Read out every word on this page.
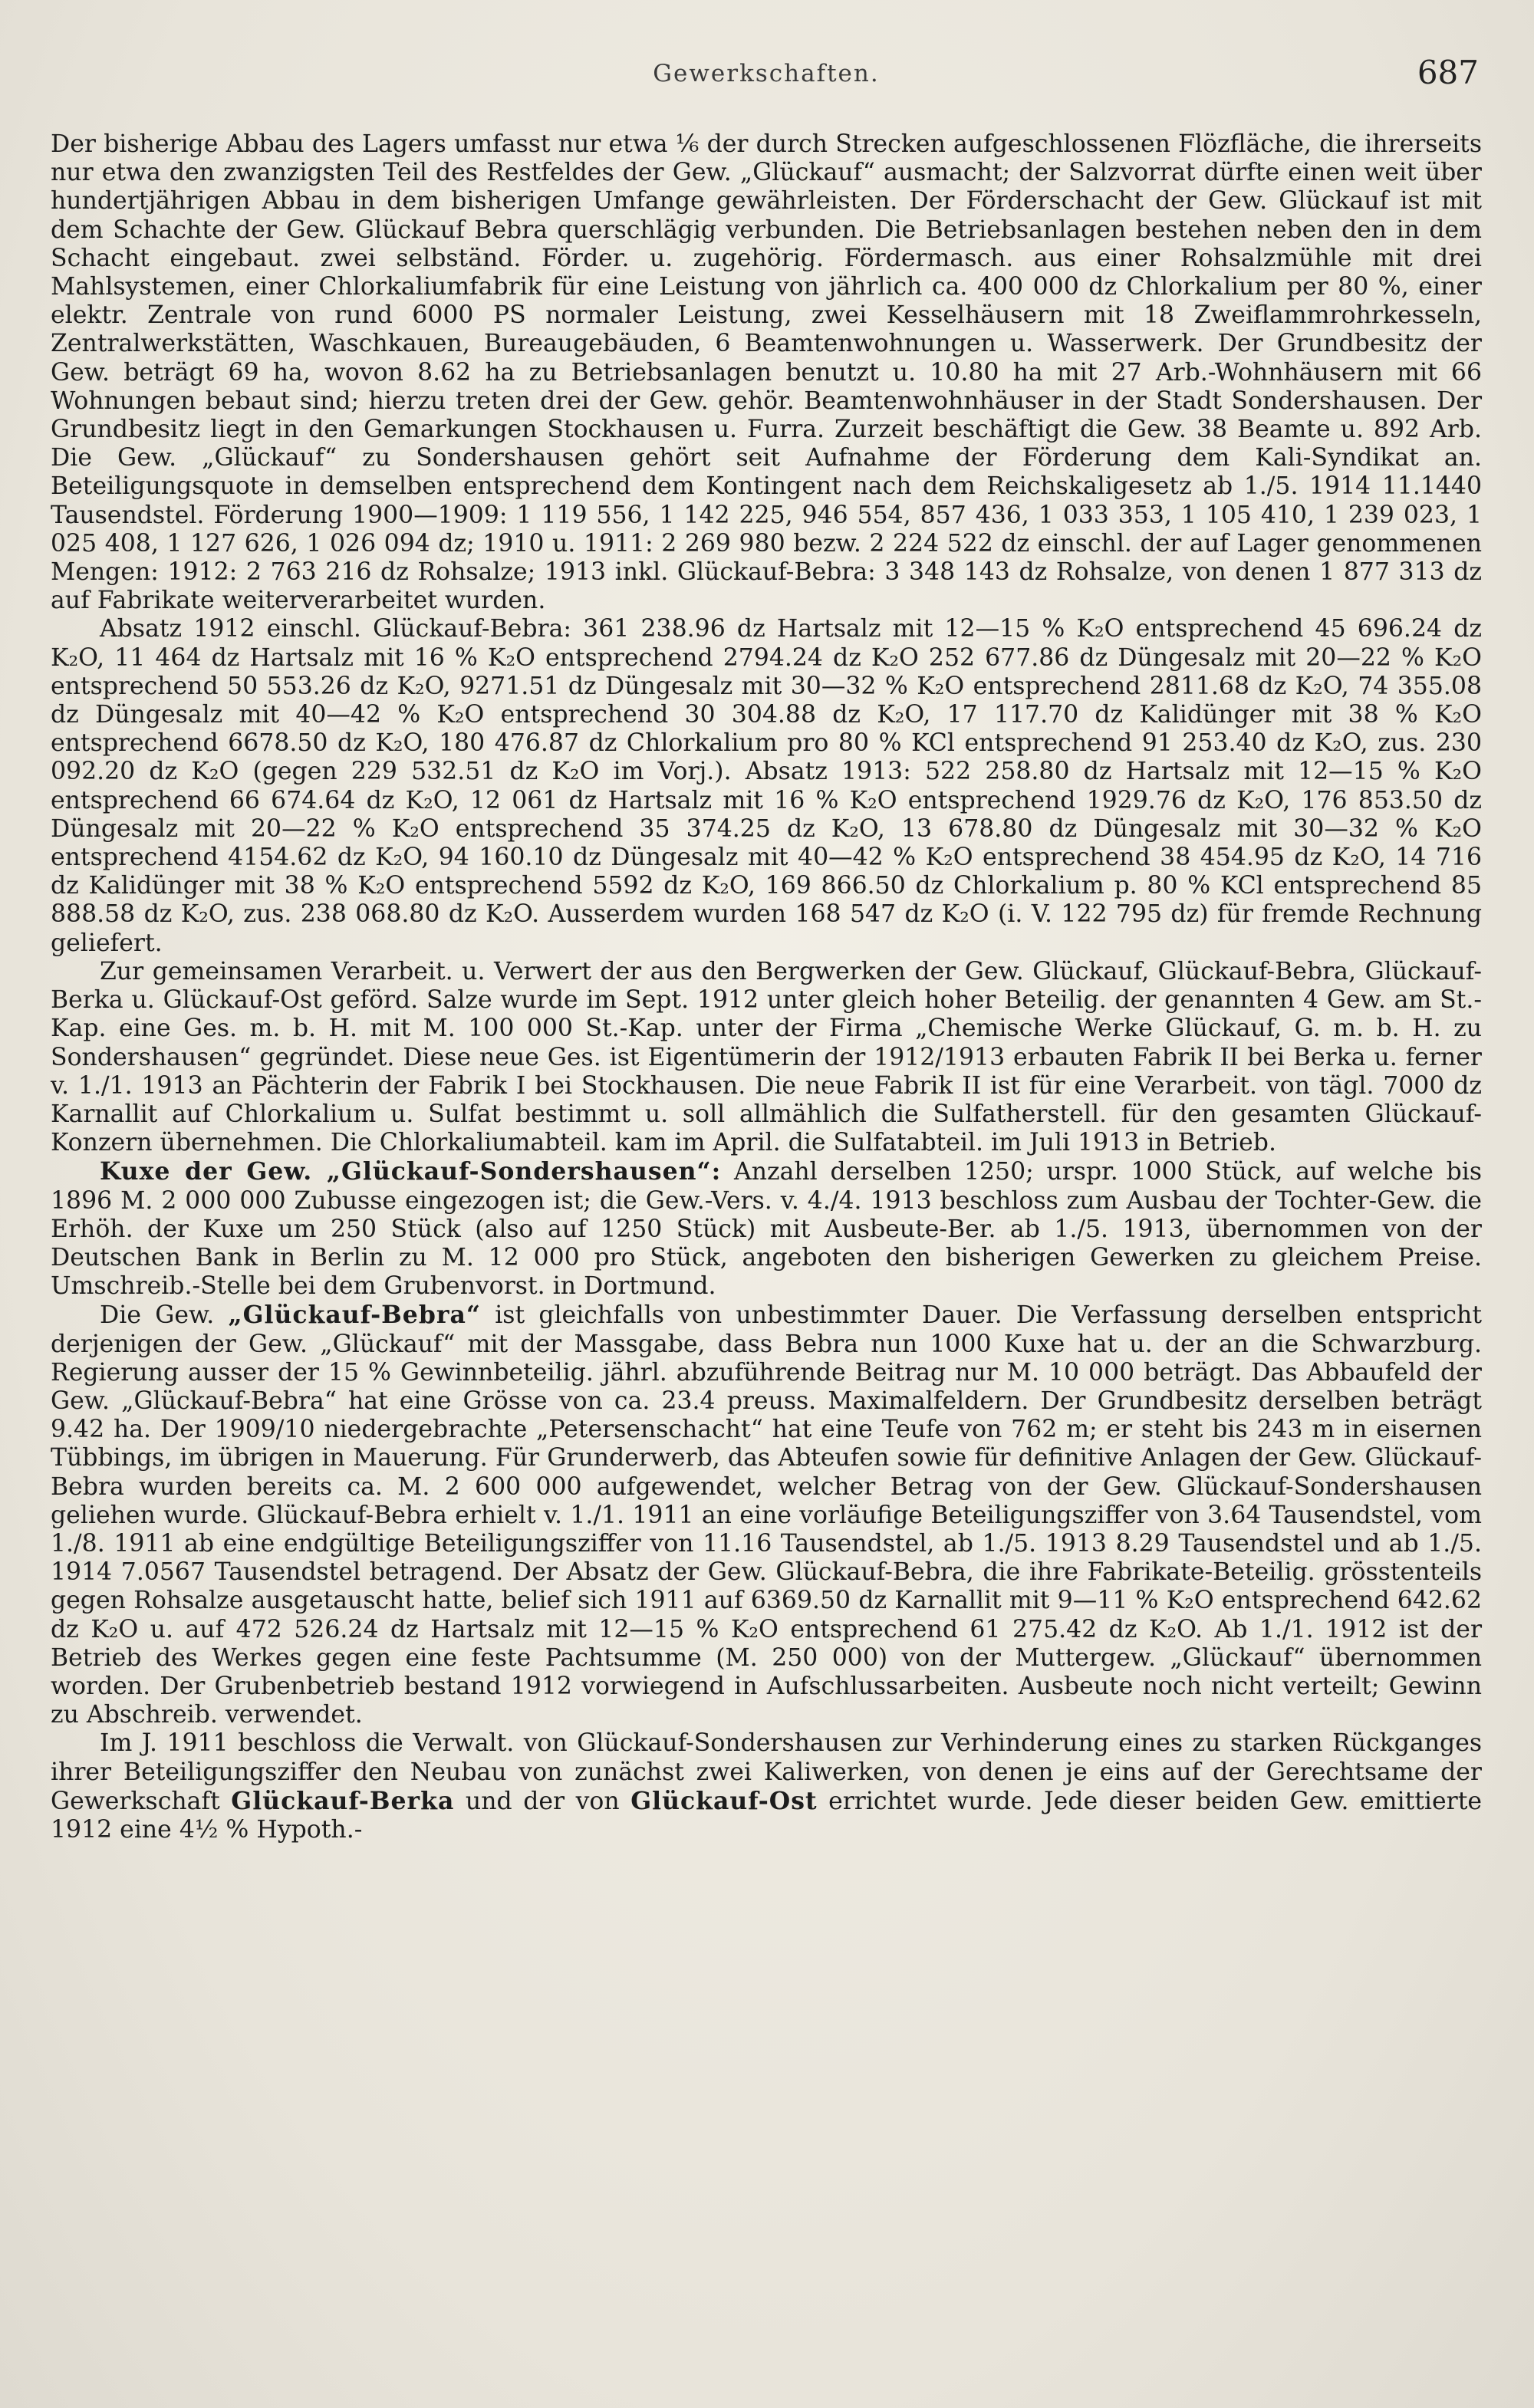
Gewerkschaften.	687

Der bisherige Abbau des Lagers umfasst nur etwa ⅙ der durch Strecken aufgeschlossenen Flözfläche, die ihrerseits nur etwa den zwanzigsten Teil des Restfeldes der Gew. „Glückauf“ ausmacht; der Salzvorrat dürfte einen weit über hundertjährigen Abbau in dem bisherigen Umfange gewährleisten. Der Förderschacht der Gew. Glückauf ist mit dem Schachte der Gew. Glückauf Bebra querschlägig verbunden. Die Betriebsanlagen bestehen neben den in dem Schacht eingebaut. zwei selbständ. Förder. u. zugehörig. Fördermasch. aus einer Rohsalzmühle mit drei Mahlsystemen, einer Chlorkaliumfabrik für eine Leistung von jährlich ca. 400 000 dz Chlorkalium per 80 %, einer elektr. Zentrale von rund 6000 PS normaler Leistung, zwei Kesselhäusern mit 18 Zweiflammrohrkesseln, Zentralwerkstätten, Waschkauen, Bureaugebäuden, 6 Beamtenwohnungen u. Wasserwerk. Der Grundbesitz der Gew. beträgt 69 ha, wovon 8.62 ha zu Betriebsanlagen benutzt u. 10.80 ha mit 27 Arb.-Wohnhäusern mit 66 Wohnungen bebaut sind; hierzu treten drei der Gew. gehör. Beamtenwohnhäuser in der Stadt Sondershausen. Der Grundbesitz liegt in den Gemarkungen Stockhausen u. Furra. Zurzeit beschäftigt die Gew. 38 Beamte u. 892 Arb. Die Gew. „Glückauf“ zu Sondershausen gehört seit Aufnahme der Förderung dem Kali-Syndikat an. Beteiligungsquote in demselben entsprechend dem Kontingent nach dem Reichskaligesetz ab 1./5. 1914 11.1440 Tausendstel. Förderung 1900—1909: 1 119 556, 1 142 225, 946 554, 857 436, 1 033 353, 1 105 410, 1 239 023, 1 025 408, 1 127 626, 1 026 094 dz; 1910 u. 1911: 2 269 980 bezw. 2 224 522 dz einschl. der auf Lager genommenen Mengen: 1912: 2 763 216 dz Rohsalze; 1913 inkl. Glückauf-Bebra: 3 348 143 dz Rohsalze, von denen 1 877 313 dz auf Fabrikate weiterverarbeitet wurden.

Absatz 1912 einschl. Glückauf-Bebra: 361 238.96 dz Hartsalz mit 12—15 % K₂O entsprechend 45 696.24 dz K₂O, 11 464 dz Hartsalz mit 16 % K₂O entsprechend 2794.24 dz K₂O 252 677.86 dz Düngesalz mit 20—22 % K₂O entsprechend 50 553.26 dz K₂O, 9271.51 dz Düngesalz mit 30—32 % K₂O entsprechend 2811.68 dz K₂O, 74 355.08 dz Düngesalz mit 40—42 % K₂O entsprechend 30 304.88 dz K₂O, 17 117.70 dz Kalidünger mit 38 % K₂O entsprechend 6678.50 dz K₂O, 180 476.87 dz Chlorkalium pro 80 % KCl entsprechend 91 253.40 dz K₂O, zus. 230 092.20 dz K₂O (gegen 229 532.51 dz K₂O im Vorj.). Absatz 1913: 522 258.80 dz Hartsalz mit 12—15 % K₂O entsprechend 66 674.64 dz K₂O, 12 061 dz Hartsalz mit 16 % K₂O entsprechend 1929.76 dz K₂O, 176 853.50 dz Düngesalz mit 20—22 % K₂O entsprechend 35 374.25 dz K₂O, 13 678.80 dz Düngesalz mit 30—32 % K₂O entsprechend 4154.62 dz K₂O, 94 160.10 dz Düngesalz mit 40—42 % K₂O entsprechend 38 454.95 dz K₂O, 14 716 dz Kalidünger mit 38 % K₂O entsprechend 5592 dz K₂O, 169 866.50 dz Chlorkalium p. 80 % KCl entsprechend 85 888.58 dz K₂O, zus. 238 068.80 dz K₂O. Ausserdem wurden 168 547 dz K₂O (i. V. 122 795 dz) für fremde Rechnung geliefert.

Zur gemeinsamen Verarbeit. u. Verwert der aus den Bergwerken der Gew. Glückauf, Glückauf-Bebra, Glückauf-Berka u. Glückauf-Ost geförd. Salze wurde im Sept. 1912 unter gleich hoher Beteilig. der genannten 4 Gew. am St.-Kap. eine Ges. m. b. H. mit M. 100 000 St.-Kap. unter der Firma „Chemische Werke Glückauf, G. m. b. H. zu Sondershausen“ gegründet. Diese neue Ges. ist Eigentümerin der 1912/1913 erbauten Fabrik II bei Berka u. ferner v. 1./1. 1913 an Pächterin der Fabrik I bei Stockhausen. Die neue Fabrik II ist für eine Verarbeit. von tägl. 7000 dz Karnallit auf Chlorkalium u. Sulfat bestimmt u. soll allmählich die Sulfatherstell. für den gesamten Glückauf-Konzern übernehmen. Die Chlorkaliumabteil. kam im April. die Sulfatabteil. im Juli 1913 in Betrieb.

Kuxe der Gew. „Glückauf-Sondershausen“: Anzahl derselben 1250; urspr. 1000 Stück, auf welche bis 1896 M. 2 000 000 Zubusse eingezogen ist; die Gew.-Vers. v. 4./4. 1913 beschloss zum Ausbau der Tochter-Gew. die Erhöh. der Kuxe um 250 Stück (also auf 1250 Stück) mit Ausbeute-Ber. ab 1./5. 1913, übernommen von der Deutschen Bank in Berlin zu M. 12 000 pro Stück, angeboten den bisherigen Gewerken zu gleichem Preise. Umschreib.-Stelle bei dem Grubenvorst. in Dortmund.

Die Gew. „Glückauf-Bebra“ ist gleichfalls von unbestimmter Dauer. Die Verfassung derselben entspricht derjenigen der Gew. „Glückauf“ mit der Massgabe, dass Bebra nun 1000 Kuxe hat u. der an die Schwarzburg. Regierung ausser der 15 % Gewinnbeteilig. jährl. abzuführende Beitrag nur M. 10 000 beträgt. Das Abbaufeld der Gew. „Glückauf-Bebra“ hat eine Grösse von ca. 23.4 preuss. Maximalfeldern. Der Grundbesitz derselben beträgt 9.42 ha. Der 1909/10 niedergebrachte „Petersenschacht“ hat eine Teufe von 762 m; er steht bis 243 m in eisernen Tübbings, im übrigen in Mauerung. Für Grunderwerb, das Abteufen sowie für definitive Anlagen der Gew. Glückauf-Bebra wurden bereits ca. M. 2 600 000 aufgewendet, welcher Betrag von der Gew. Glückauf-Sondershausen geliehen wurde. Glückauf-Bebra erhielt v. 1./1. 1911 an eine vorläufige Beteiligungsziffer von 3.64 Tausendstel, vom 1./8. 1911 ab eine endgültige Beteiligungsziffer von 11.16 Tausendstel, ab 1./5. 1913 8.29 Tausendstel und ab 1./5. 1914 7.0567 Tausendstel betragend. Der Absatz der Gew. Glückauf-Bebra, die ihre Fabrikate-Beteilig. grösstenteils gegen Rohsalze ausgetauscht hatte, belief sich 1911 auf 6369.50 dz Karnallit mit 9—11 % K₂O entsprechend 642.62 dz K₂O u. auf 472 526.24 dz Hartsalz mit 12—15 % K₂O entsprechend 61 275.42 dz K₂O. Ab 1./1. 1912 ist der Betrieb des Werkes gegen eine feste Pachtsumme (M. 250 000) von der Muttergew. „Glückauf“ übernommen worden. Der Grubenbetrieb bestand 1912 vorwiegend in Aufschlussarbeiten. Ausbeute noch nicht verteilt; Gewinn zu Abschreib. verwendet.

Im J. 1911 beschloss die Verwalt. von Glückauf-Sondershausen zur Verhinderung eines zu starken Rückganges ihrer Beteiligungsziffer den Neubau von zunächst zwei Kaliwerken, von denen je eins auf der Gerechtsame der Gewerkschaft Glückauf-Berka und der von Glückauf-Ost errichtet wurde. Jede dieser beiden Gew. emittierte 1912 eine 4½ % Hypoth.-
